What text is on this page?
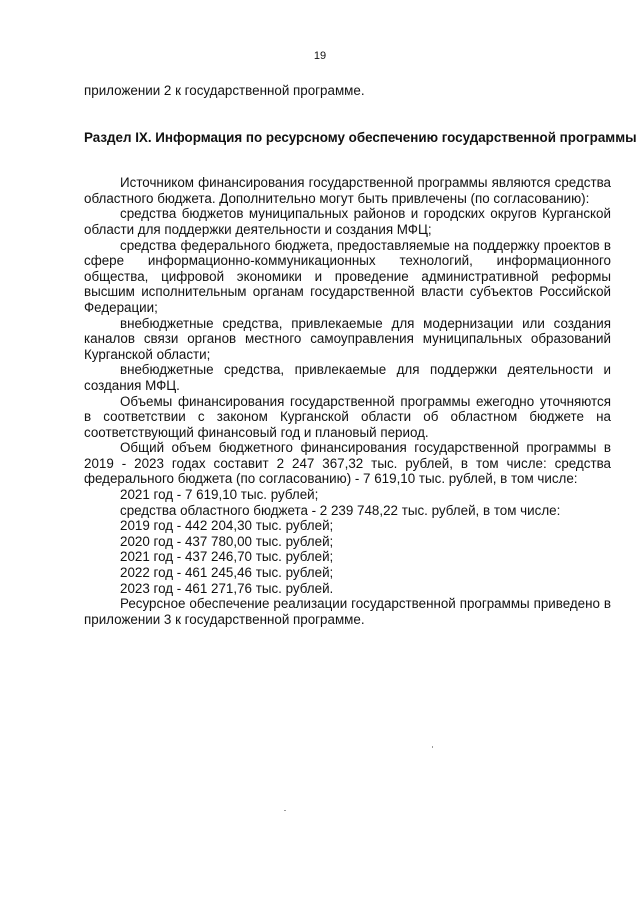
19

приложении 2 к государственной программе.

Раздел IX. Информация по ресурсному обеспечению государственной программы

Источником финансирования государственной программы являются средства областного бюджета. Дополнительно могут быть привлечены (по согласованию):

средства бюджетов муниципальных районов и городских округов Курганской области для поддержки деятельности и создания МФЦ;

средства федерального бюджета, предоставляемые на поддержку проектов в сфере информационно-коммуникационных технологий, информационного общества, цифровой экономики и проведение административной реформы высшим исполнительным органам государственной власти субъектов Российской Федерации;

внебюджетные средства, привлекаемые для модернизации или создания каналов связи органов местного самоуправления муниципальных образований Курганской области;

внебюджетные средства, привлекаемые для поддержки деятельности и создания МФЦ.

Объемы финансирования государственной программы ежегодно уточняются в соответствии с законом Курганской области об областном бюджете на соответствующий финансовый год и плановый период.

Общий объем бюджетного финансирования государственной программы в 2019 - 2023 годах составит 2 247 367,32 тыс. рублей, в том числе: средства федерального бюджета (по согласованию) - 7 619,10 тыс. рублей, в том числе:

2021 год - 7 619,10 тыс. рублей;

средства областного бюджета - 2 239 748,22 тыс. рублей, в том числе:

2019 год - 442 204,30 тыс. рублей;

2020 год - 437 780,00 тыс. рублей;

2021 год - 437 246,70 тыс. рублей;

2022 год - 461 245,46 тыс. рублей;

2023 год - 461 271,76 тыс. рублей.

Ресурсное обеспечение реализации государственной программы приведено в приложении 3 к государственной программе.
